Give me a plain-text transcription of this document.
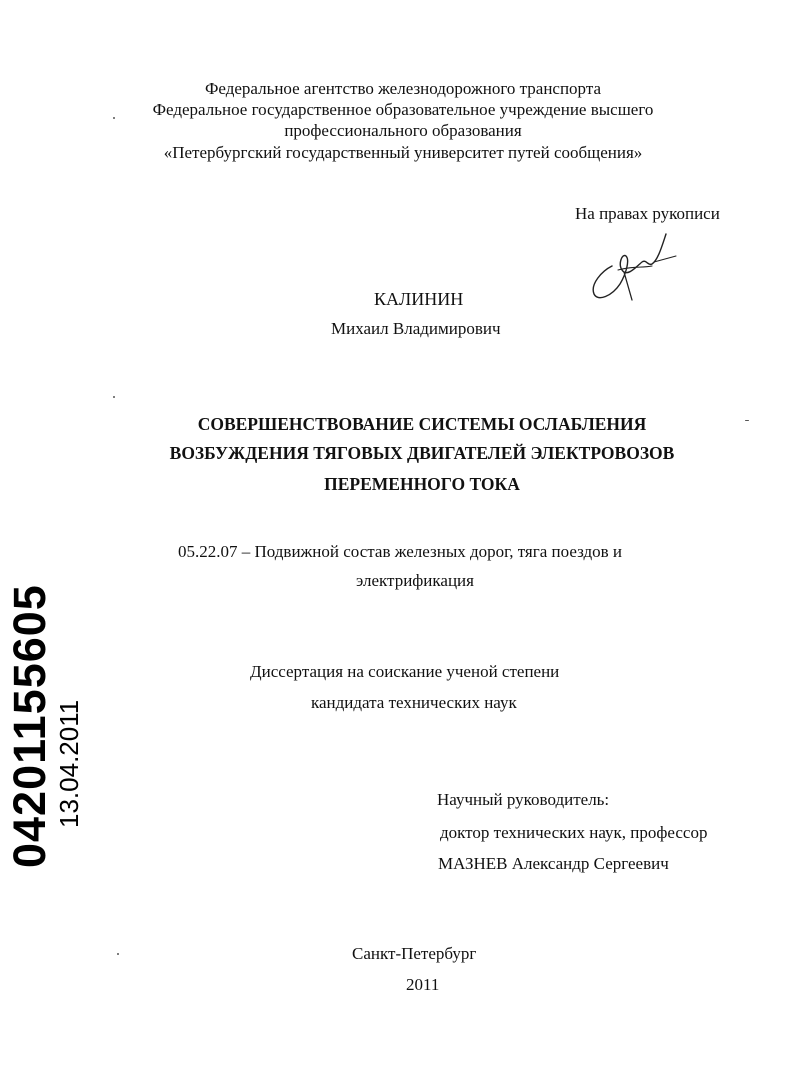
Федеральное агентство железнодорожного транспорта
Федеральное государственное образовательное учреждение высшего
профессионального образования
«Петербургский государственный университет путей сообщения»
На правах рукописи
КАЛИНИН
Михаил Владимирович
СОВЕРШЕНСТВОВАНИЕ СИСТЕМЫ ОСЛАБЛЕНИЯ
ВОЗБУЖДЕНИЯ ТЯГОВЫХ ДВИГАТЕЛЕЙ ЭЛЕКТРОВОЗОВ
ПЕРЕМЕННОГО ТОКА
05.22.07 – Подвижной состав железных дорог, тяга поездов и
электрификация
Диссертация на соискание ученой степени
кандидата технических наук
Научный руководитель:
доктор технических наук, профессор
МАЗНЕВ Александр Сергеевич
Санкт-Петербург
2011
04201155605 13.04.2011
